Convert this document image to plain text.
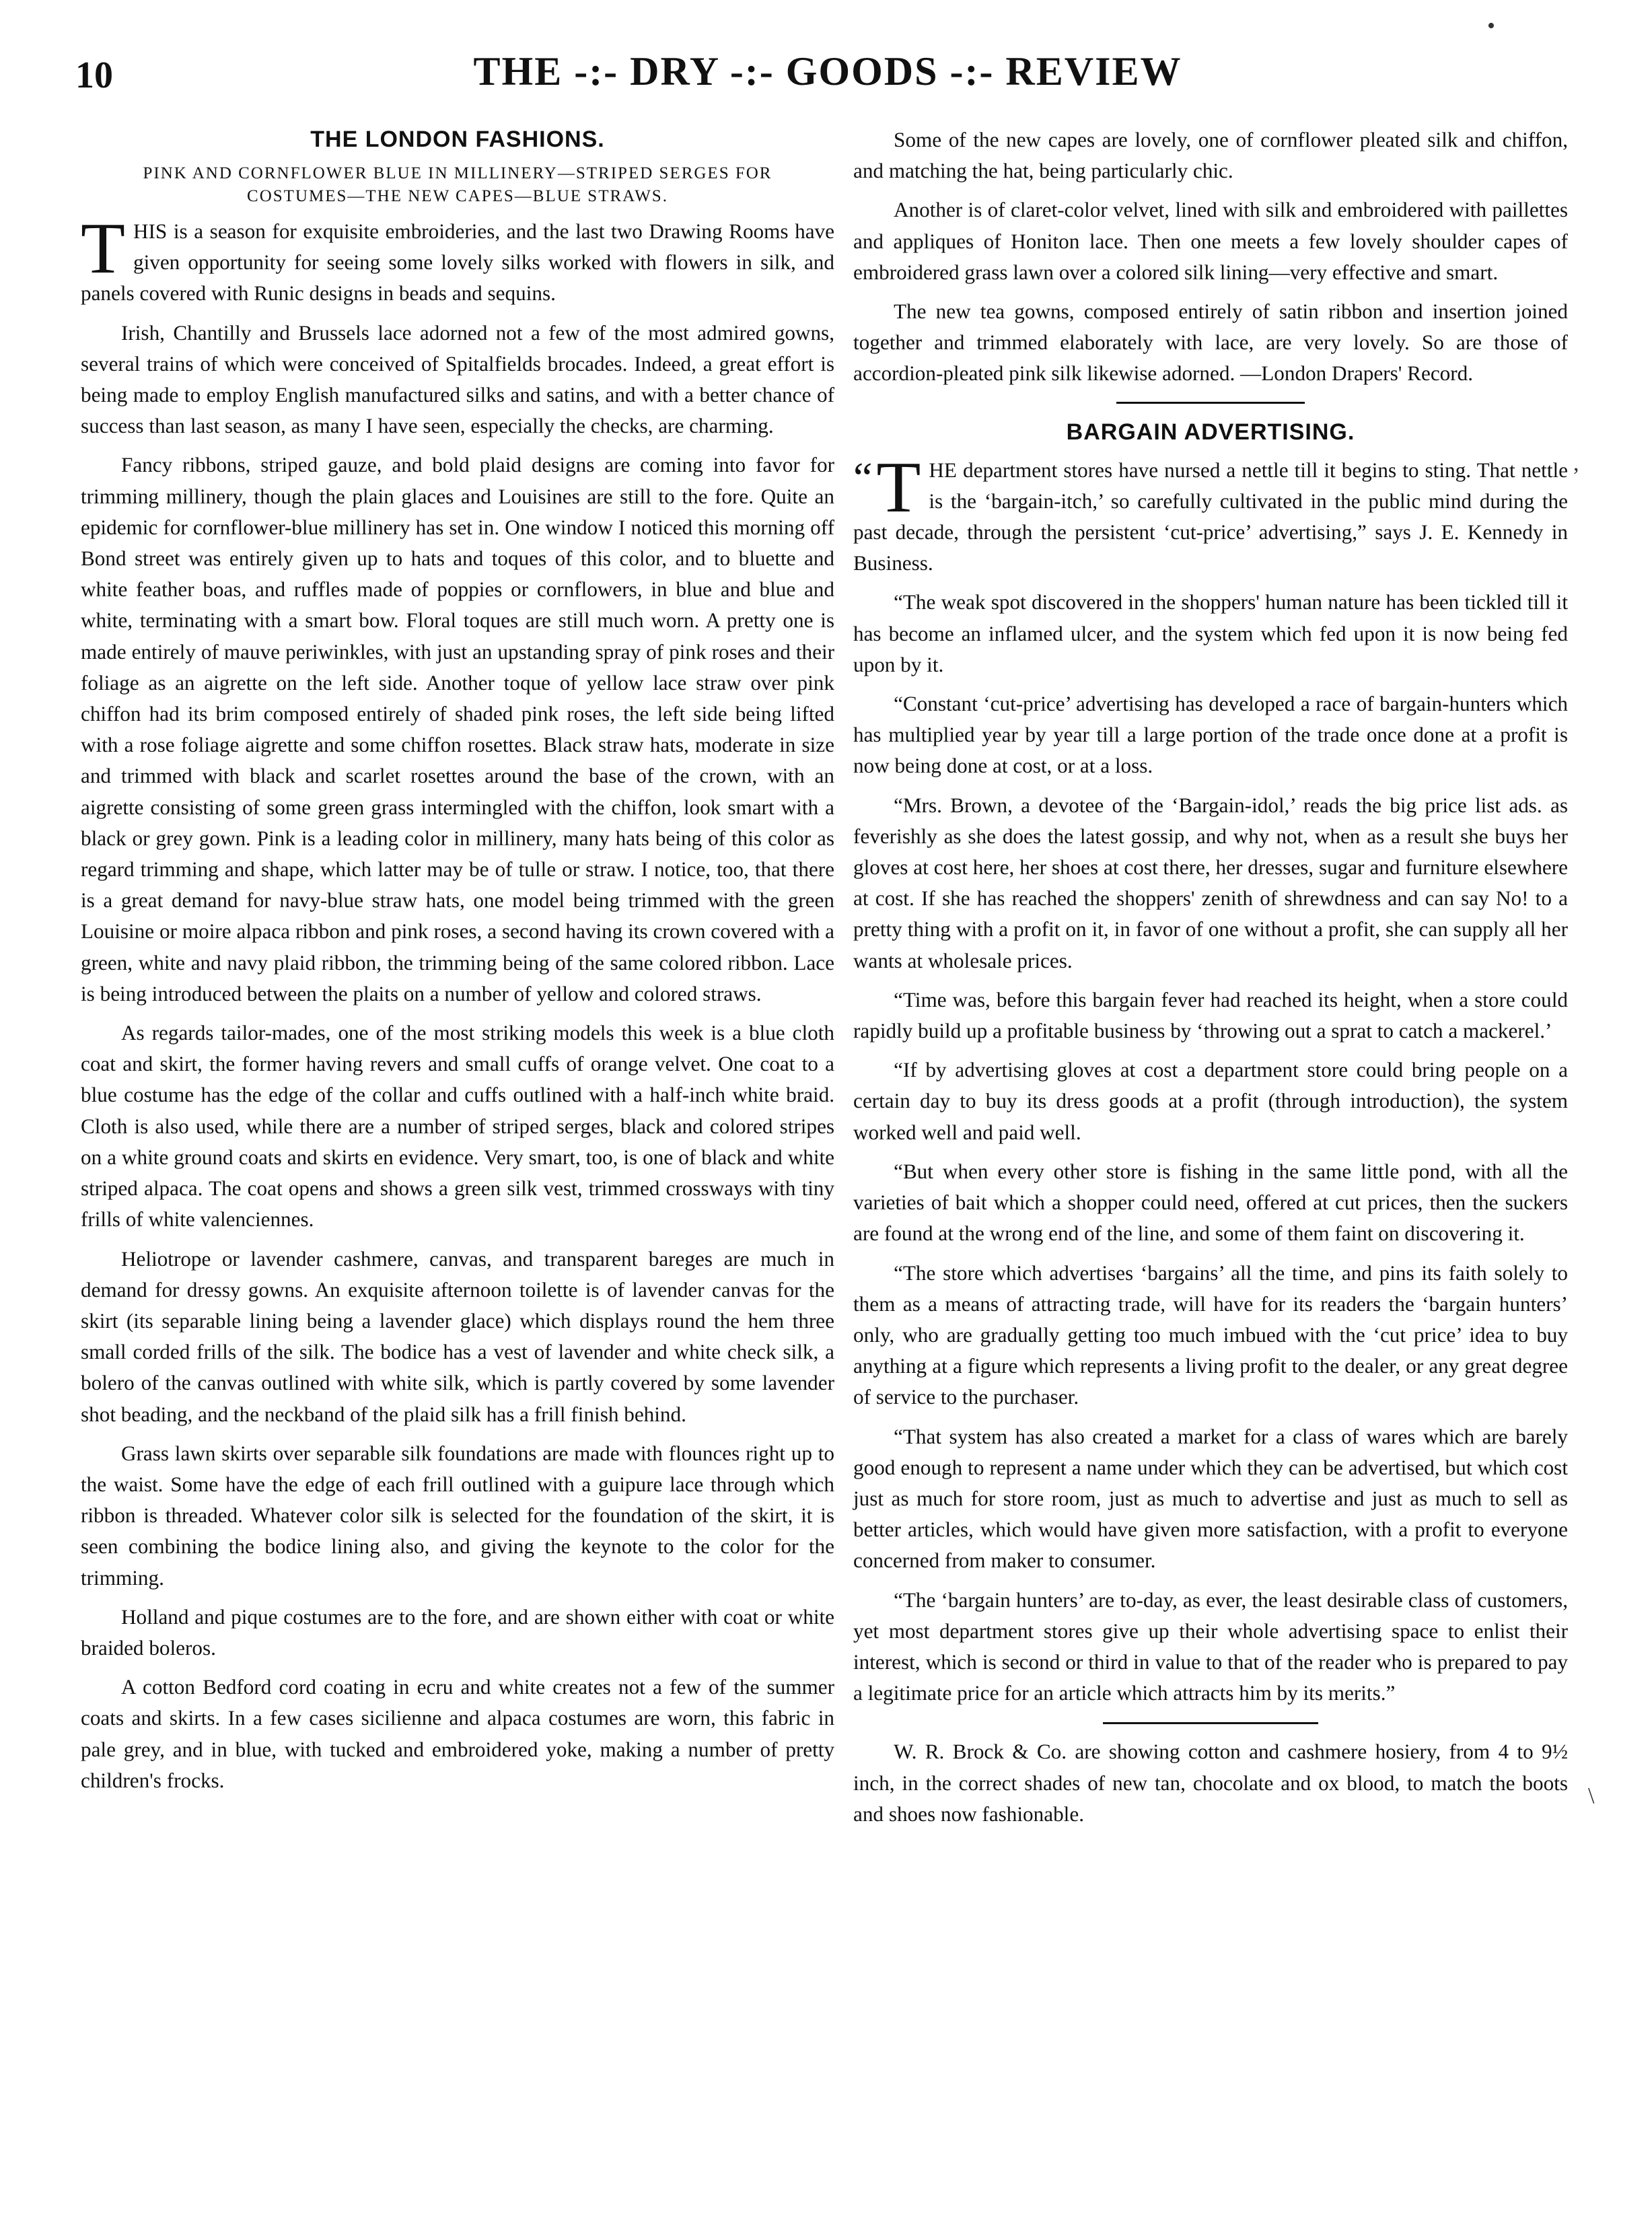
10	THE -:- DRY -:- GOODS -:- REVIEW
THE LONDON FASHIONS.
PINK AND CORNFLOWER BLUE IN MILLINERY—STRIPED SERGES FOR COSTUMES—THE NEW CAPES—BLUE STRAWS.

THIS is a season for exquisite embroideries, and the last two Drawing Rooms have given opportunity for seeing some lovely silks worked with flowers in silk, and panels covered with Runic designs in beads and sequins.

Irish, Chantilly and Brussels lace adorned not a few of the most admired gowns, several trains of which were conceived of Spitalfields brocades. Indeed, a great effort is being made to employ English manufactured silks and satins, and with a better chance of success than last season, as many I have seen, especially the checks, are charming.

Fancy ribbons, striped gauze, and bold plaid designs are coming into favor for trimming millinery, though the plain glaces and Louisines are still to the fore. Quite an epidemic for cornflower-blue millinery has set in. One window I noticed this morning off Bond street was entirely given up to hats and toques of this color, and to bluette and white feather boas, and ruffles made of poppies or cornflowers, in blue and blue and white, terminating with a smart bow. Floral toques are still much worn. A pretty one is made entirely of mauve periwinkles, with just an upstanding spray of pink roses and their foliage as an aigrette on the left side. Another toque of yellow lace straw over pink chiffon had its brim composed entirely of shaded pink roses, the left side being lifted with a rose foliage aigrette and some chiffon rosettes. Black straw hats, moderate in size and trimmed with black and scarlet rosettes around the base of the crown, with an aigrette consisting of some green grass intermingled with the chiffon, look smart with a black or grey gown. Pink is a leading color in millinery, many hats being of this color as regard trimming and shape, which latter may be of tulle or straw. I notice, too, that there is a great demand for navy-blue straw hats, one model being trimmed with the green Louisine or moire alpaca ribbon and pink roses, a second having its crown covered with a green, white and navy plaid ribbon, the trimming being of the same colored ribbon. Lace is being introduced between the plaits on a number of yellow and colored straws.

As regards tailor-mades, one of the most striking models this week is a blue cloth coat and skirt, the former having revers and small cuffs of orange velvet. One coat to a blue costume has the edge of the collar and cuffs outlined with a half-inch white braid. Cloth is also used, while there are a number of striped serges, black and colored stripes on a white ground coats and skirts en evidence. Very smart, too, is one of black and white striped alpaca. The coat opens and shows a green silk vest, trimmed crossways with tiny frills of white valenciennes.

Heliotrope or lavender cashmere, canvas, and transparent bareges are much in demand for dressy gowns. An exquisite afternoon toilette is of lavender canvas for the skirt (its separable lining being a lavender glace) which displays round the hem three small corded frills of the silk. The bodice has a vest of lavender and white check silk, a bolero of the canvas outlined with white silk, which is partly covered by some lavender shot beading, and the neckband of the plaid silk has a frill finish behind.

Grass lawn skirts over separable silk foundations are made with flounces right up to the waist. Some have the edge of each frill outlined with a guipure lace through which ribbon is threaded. Whatever color silk is selected for the foundation of the skirt, it is seen combining the bodice lining also, and giving the keynote to the color for the trimming.

Holland and pique costumes are to the fore, and are shown either with coat or white braided boleros.

A cotton Bedford cord coating in ecru and white creates not a few of the summer coats and skirts. In a few cases sicilienne and alpaca costumes are worn, this fabric in pale grey, and in blue, with tucked and embroidered yoke, making a number of pretty children's frocks.

Some of the new capes are lovely, one of cornflower pleated silk and chiffon, and matching the hat, being particularly chic.

Another is of claret-color velvet, lined with silk and embroidered with paillettes and appliques of Honiton lace. Then one meets a few lovely shoulder capes of embroidered grass lawn over a colored silk lining—very effective and smart.

The new tea gowns, composed entirely of satin ribbon and insertion joined together and trimmed elaborately with lace, are very lovely. So are those of accordion-pleated pink silk likewise adorned. —London Drapers' Record.

BARGAIN ADVERTISING.

“ T HE department stores have nursed a nettle till it begins to sting. That nettle is the ‘bargain-itch,’ so carefully cultivated in the public mind during the past decade, through the persistent ‘cut-price’ advertising,” says J. E. Kennedy in Business.

“The weak spot discovered in the shoppers' human nature has been tickled till it has become an inflamed ulcer, and the system which fed upon it is now being fed upon by it.

“Constant ‘cut-price’ advertising has developed a race of bargain-hunters which has multiplied year by year till a large portion of the trade once done at a profit is now being done at cost, or at a loss.

“Mrs. Brown, a devotee of the ‘Bargain-idol,’ reads the big price list ads. as feverishly as she does the latest gossip, and why not, when as a result she buys her gloves at cost here, her shoes at cost there, her dresses, sugar and furniture elsewhere at cost. If she has reached the shoppers' zenith of shrewdness and can say No! to a pretty thing with a profit on it, in favor of one without a profit, she can supply all her wants at wholesale prices.

“Time was, before this bargain fever had reached its height, when a store could rapidly build up a profitable business by ‘throwing out a sprat to catch a mackerel.’

“If by advertising gloves at cost a department store could bring people on a certain day to buy its dress goods at a profit (through introduction), the system worked well and paid well.

“But when every other store is fishing in the same little pond, with all the varieties of bait which a shopper could need, offered at cut prices, then the suckers are found at the wrong end of the line, and some of them faint on discovering it.

“The store which advertises ‘bargains’ all the time, and pins its faith solely to them as a means of attracting trade, will have for its readers the ‘bargain hunters’ only, who are gradually getting too much imbued with the ‘cut price’ idea to buy anything at a figure which represents a living profit to the dealer, or any great degree of service to the purchaser.

“That system has also created a market for a class of wares which are barely good enough to represent a name under which they can be advertised, but which cost just as much for store room, just as much to advertise and just as much to sell as better articles, which would have given more satisfaction, with a profit to everyone concerned from maker to consumer.

“The ‘bargain hunters’ are to-day, as ever, the least desirable class of customers, yet most department stores give up their whole advertising space to enlist their interest, which is second or third in value to that of the reader who is prepared to pay a legitimate price for an article which attracts him by its merits.”

W. R. Brock & Co. are showing cotton and cashmere hosiery, from 4 to 9½ inch, in the correct shades of new tan, chocolate and ox blood, to match the boots and shoes now fashionable.

•
,
\
